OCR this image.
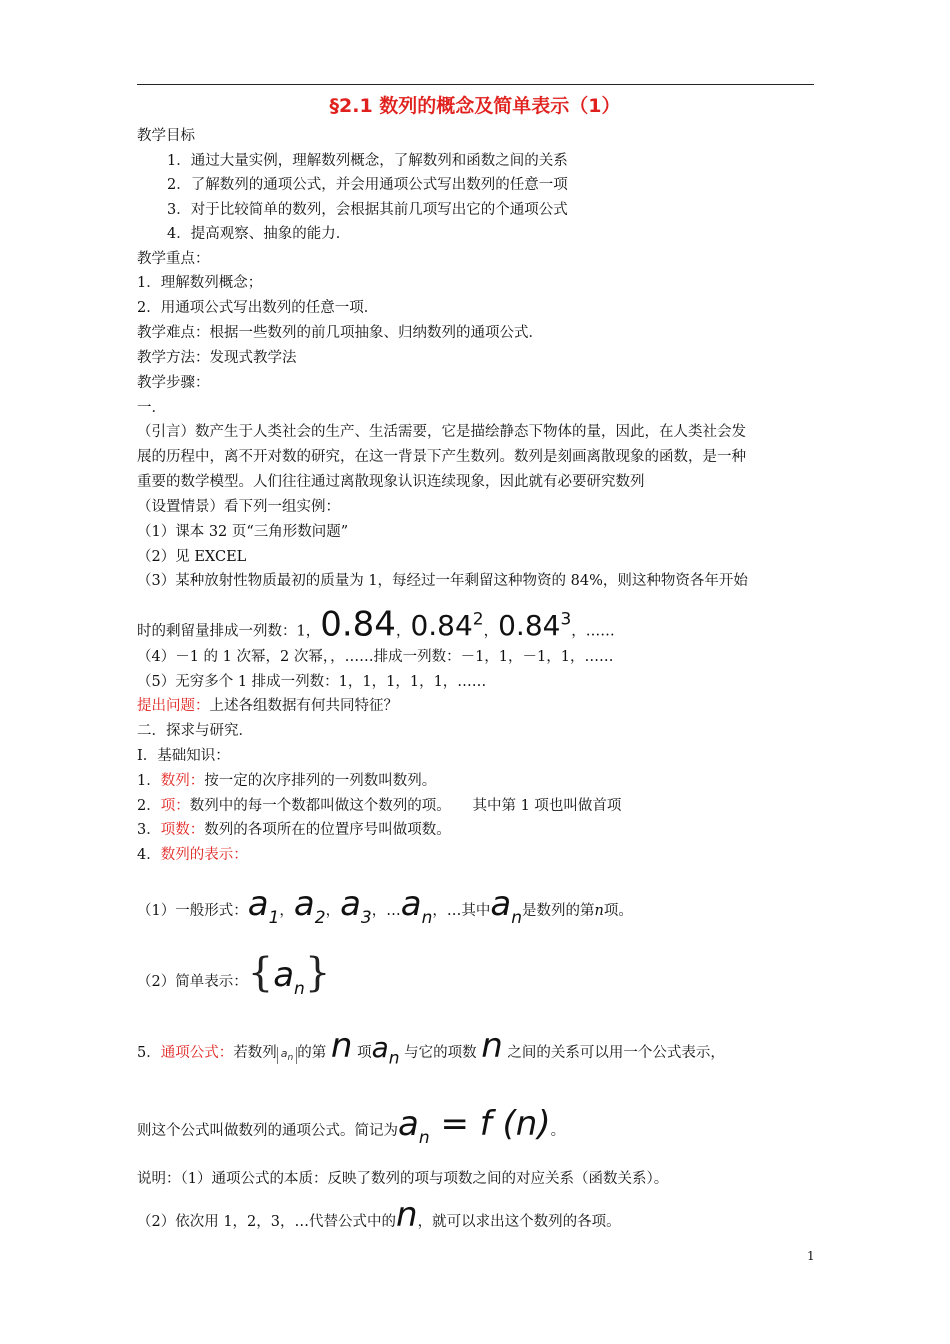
§2.1 数列的概念及简单表示（1）
教学目标
1．通过大量实例，理解数列概念，了解数列和函数之间的关系
2．了解数列的通项公式，并会用通项公式写出数列的任意一项
3．对于比较简单的数列，会根据其前几项写出它的个通项公式
4．提高观察、抽象的能力．
教学重点：
1．理解数列概念；
2．用通项公式写出数列的任意一项．
教学难点：根据一些数列的前几项抽象、归纳数列的通项公式．
教学方法：发现式教学法
教学步骤：
一．
（引言）数产生于人类社会的生产、生活需要，它是描绘静态下物体的量，因此，在人类社会发
展的历程中，离不开对数的研究，在这一背景下产生数列。数列是刻画离散现象的函数，是一种
重要的数学模型。人们往往通过离散现象认识连续现象，因此就有必要研究数列
（设置情景）看下列一组实例：
（1）课本 32 页“三角形数问题”
（2）见 EXCEL
（3）某种放射性物质最初的质量为 1，每经过一年剩留这种物资的 84%，则这种物资各年开始
时的剩留量排成一列数：1，0.84，0.84$^2$，0.84$^3$，……
（4）－1 的 1 次幂，2 次幂，，……排成一列数：－1，1，－1，1，……
（5）无穷多个 1 排成一列数：1，1，1，1，1，……
提出问题：上述各组数据有何共同特征？
二．探求与研究．
I．基础知识：
1．数列：按一定的次序排列的一列数叫数列。
2．项：数列中的每一个数都叫做这个数列的项。　　其中第 1 项也叫做首项
3．项数：数列的各项所在的位置序号叫做项数。
4．数列的表示：
（1）一般形式：$a_1$，$a_2$，$a_3$，$\dots a_n$，…其中$a_n$是数列的第n项。
（2）简单表示：$\{a_n\}$
5．通项公式：若数列 $a_n$ 的第 n 项$a_n$ 与它的项数 n 之间的关系可以用一个公式表示，
则这个公式叫做数列的通项公式。简记为$a_n = f$ (n)。
说明：（1）通项公式的本质：反映了数列的项与项数之间的对应关系（函数关系）。
（2）依次用 1，2，3，…代替公式中的n，就可以求出这个数列的各项。
1
